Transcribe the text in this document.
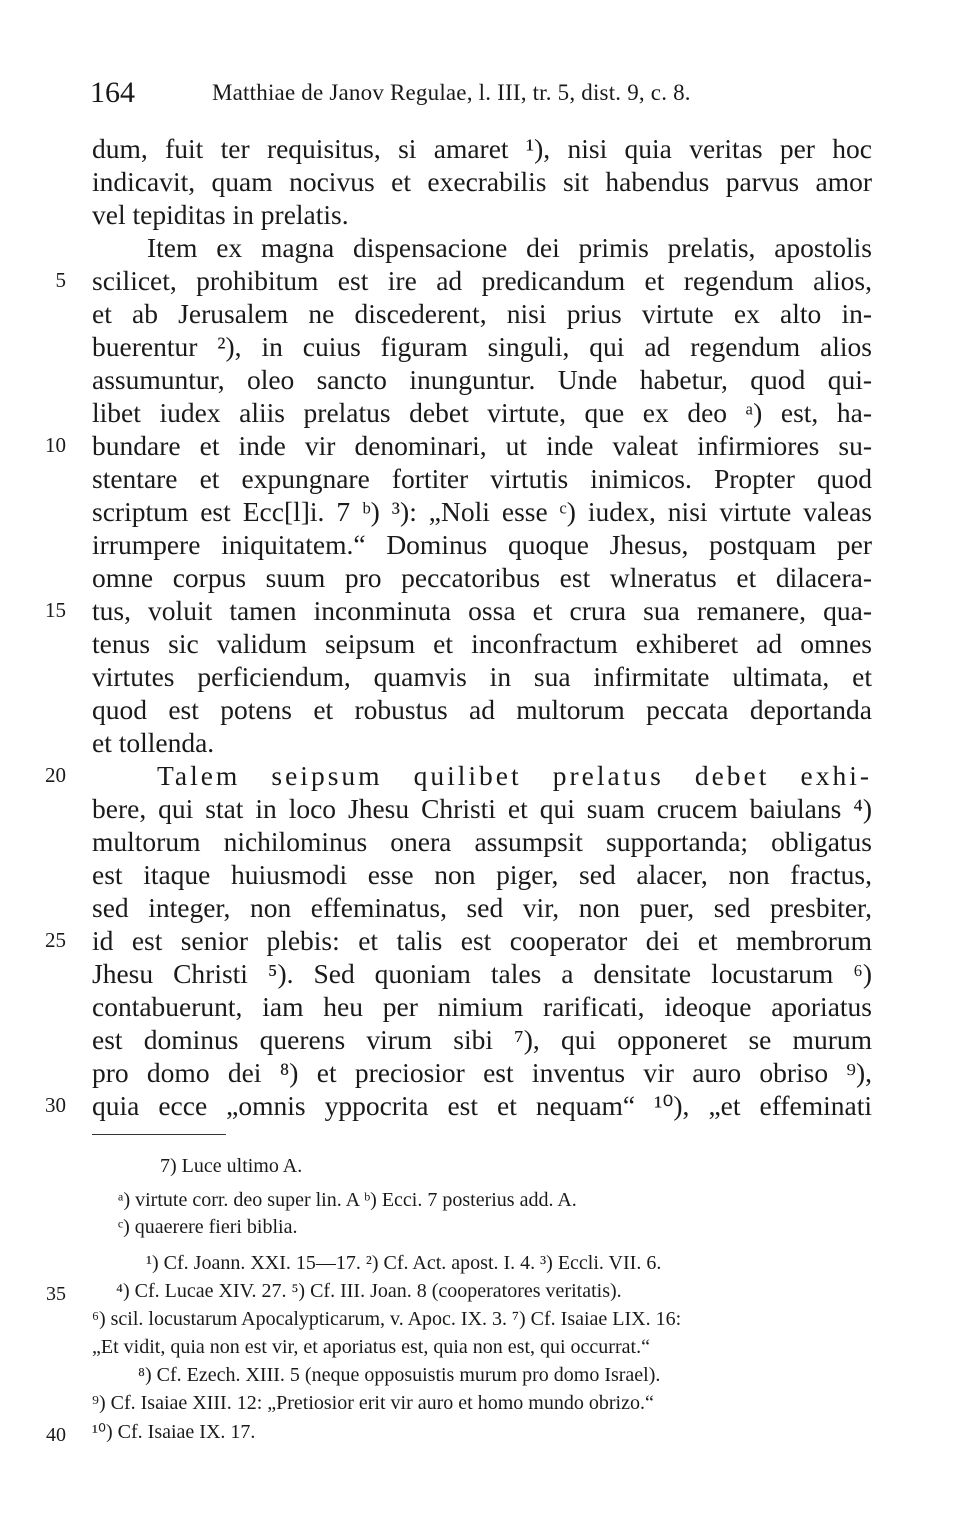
164	Matthiae de Janov Regulae, l. III, tr. 5, dist. 9, c. 8.
dum, fuit ter requisitus, si amaret ¹), nisi quia veritas per hoc
indicavit, quam nocivus et execrabilis sit habendus parvus amor
vel tepiditas in prelatis.
Item ex magna dispensacione dei primis prelatis, apostolis
scilicet, prohibitum est ire ad predicandum et regendum alios,
et ab Jerusalem ne discederent, nisi prius virtute ex alto in-
buerentur ²), in cuius figuram singuli, qui ad regendum alios
assumuntur, oleo sancto inunguntur. Unde habetur, quod qui-
libet iudex aliis prelatus debet virtute, que ex deo ᵃ) est, ha-
bundare et inde vir denominari, ut inde valeat infirmiores su-
stentare et expungnare fortiter virtutis inimicos. Propter quod
scriptum est Ecc[l]i. 7 ᵇ) ³): „Noli esse ᶜ) iudex, nisi virtute valeas
irrumpere iniquitatem.“ Dominus quoque Jhesus, postquam per
omne corpus suum pro peccatoribus est wlneratus et dilacera-
tus, voluit tamen inconminuta ossa et crura sua remanere, qua-
tenus sic validum seipsum et inconfractum exhiberet ad omnes
virtutes perficiendum, quamvis in sua infirmitate ultimata, et
quod est potens et robustus ad multorum peccata deportanda
et tollenda.
Talem seipsum quilibet prelatus debet exhi-
bere, qui stat in loco Jhesu Christi et qui suam crucem baiulans ⁴)
multorum nichilominus onera assumpsit supportanda; obligatus
est itaque huiusmodi esse non piger, sed alacer, non fractus,
sed integer, non effeminatus, sed vir, non puer, sed presbiter,
id est senior plebis: et talis est cooperator dei et membrorum
Jhesu Christi ⁵). Sed quoniam tales a densitate locustarum ⁶)
contabuerunt, iam heu per nimium rarificati, ideoque aporiatus
est dominus querens virum sibi ⁷), qui opponeret se murum
pro domo dei ⁸) et preciosior est inventus vir auro obriso ⁹),
quia ecce „omnis yppocrita est et nequam“ ¹⁰), „et effeminati
5
10
15
20
25
30
7) Luce ultimo A.
ᵃ) virtute corr. deo super lin. A ᵇ) Ecci. 7 posterius add. A.
ᶜ) quaerere fieri biblia.
¹) Cf. Joann. XXI. 15—17. ²) Cf. Act. apost. I. 4. ³) Eccli. VII. 6.
⁴) Cf. Lucae XIV. 27. ⁵) Cf. III. Joan. 8 (cooperatores veritatis).
⁶) scil. locustarum Apocalypticarum, v. Apoc. IX. 3. ⁷) Cf. Isaiae LIX. 16:
„Et vidit, quia non est vir, et aporiatus est, quia non est, qui occurrat.“
⁸) Cf. Ezech. XIII. 5 (neque opposuistis murum pro domo Israel).
⁹) Cf. Isaiae XIII. 12: „Pretiosior erit vir auro et homo mundo obrizo.“
¹⁰) Cf. Isaiae IX. 17.
35
40
